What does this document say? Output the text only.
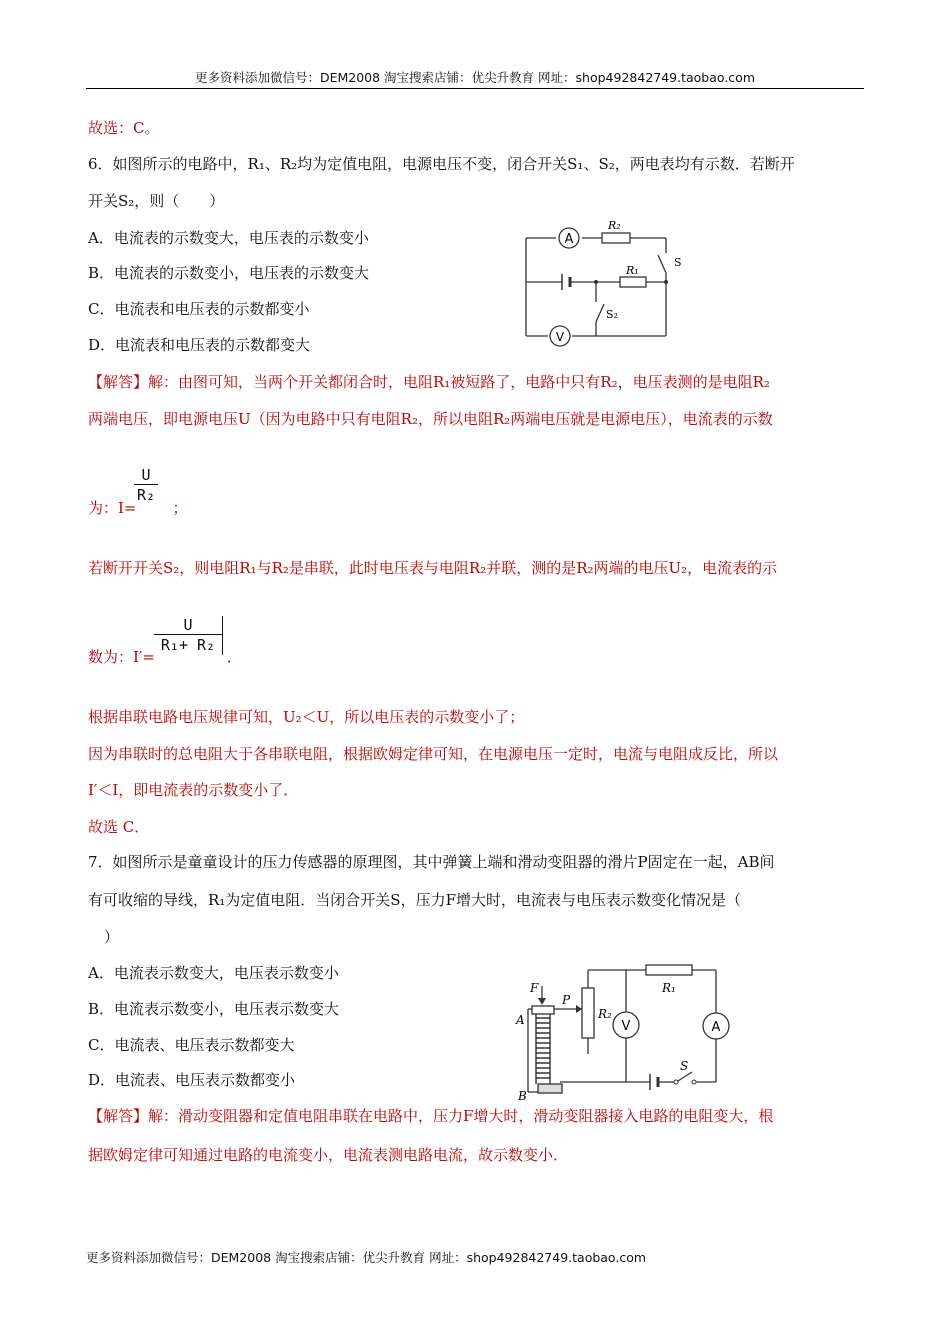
更多资料添加微信号：DEM2008 淘宝搜索店铺：优尖升教育 网址：shop492842749.taobao.com
更多资料添加微信号：DEM2008 淘宝搜索店铺：优尖升教育 网址：shop492842749.taobao.com
故选：C。
6．如图所示的电路中，R₁、R₂均为定值电阻，电源电压不变，闭合开关S₁、S₂，两电表均有示数．若断开
开关S₂，则（　　）
A．电流表的示数变大，电压表的示数变小
B．电流表的示数变小，电压表的示数变大
C．电流表和电压表的示数都变小
D．电流表和电压表的示数都变大
A
R₂
S
R₁
S₂
V
【解答】解：由图可知，当两个开关都闭合时，电阻R₁被短路了，电路中只有R₂，电压表测的是电阻R₂
两端电压，即电源电压U（因为电路中只有电阻R₂，所以电阻R₂两端电压就是电源电压），电流表的示数
为：I= ；
U
R₂
若断开开关S₂，则电阻R₁与R₂是串联，此时电压表与电阻R₂并联，测的是R₂两端的电压U₂，电流表的示
数为：I′=	．
U
R₁+ R₂
根据串联电路电压规律可知，U₂＜U，所以电压表的示数变小了；
因为串联时的总电阻大于各串联电阻，根据欧姆定律可知，在电源电压一定时，电流与电阻成反比，所以
I′＜I，即电流表的示数变小了．
故选 C．
7．如图所示是童童设计的压力传感器的原理图，其中弹簧上端和滑动变阻器的滑片P固定在一起，AB间
有可收缩的导线，R₁为定值电阻．当闭合开关S，压力F增大时，电流表与电压表示数变化情况是（
）
A．电流表示数变大，电压表示数变小
B．电流表示数变小，电压表示数变大
C．电流表、电压表示数都变大
D．电流表、电压表示数都变小
F
P
A
B
R₂
R₁
V	A
S
【解答】解：滑动变阻器和定值电阻串联在电路中，压力F增大时，滑动变阻器接入电路的电阻变大，根
据欧姆定律可知通过电路的电流变小，电流表测电路电流，故示数变小．
